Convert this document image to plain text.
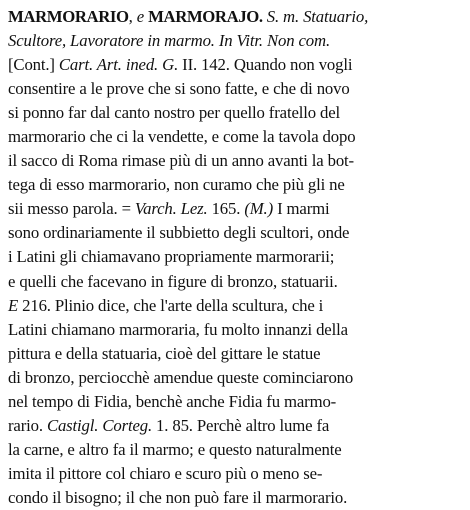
MARMORARIO, e MARMORAJO. S. m. Statuario,
Scultore, Lavoratore in marmo. In Vitr. Non com.
[Cont.] Cart. Art. ined. G. II. 142. Quando non vogli
consentire a le prove che si sono fatte, e che di novo
si ponno far dal canto nostro per quello fratello del
marmorario che ci la vendette, e come la tavola dopo
il sacco di Roma rimase più di un anno avanti la bot-
tega di esso marmorario, non curamo che più gli ne
sii messo parola. = Varch. Lez. 165. (M.) I marmi
sono ordinariamente il subbietto degli scultori, onde
i Latini gli chiamavano propriamente marmorarii;
e quelli che facevano in figure di bronzo, statuarii.
E 216. Plinio dice, che l'arte della scultura, che i
Latini chiamano marmoraria, fu molto innanzi della
pittura e della statuaria, cioè del gittare le statue
di bronzo, perciocchè amendue queste cominciarono
nel tempo di Fidia, benchè anche Fidia fu marmo-
rario. Castigl. Corteg. 1. 85. Perchè altro lume fa
la carne, e altro fa il marmo; e questo naturalmente
imita il pittore col chiaro e scuro più o meno se-
condo il bisogno; il che non può fare il marmorario.
